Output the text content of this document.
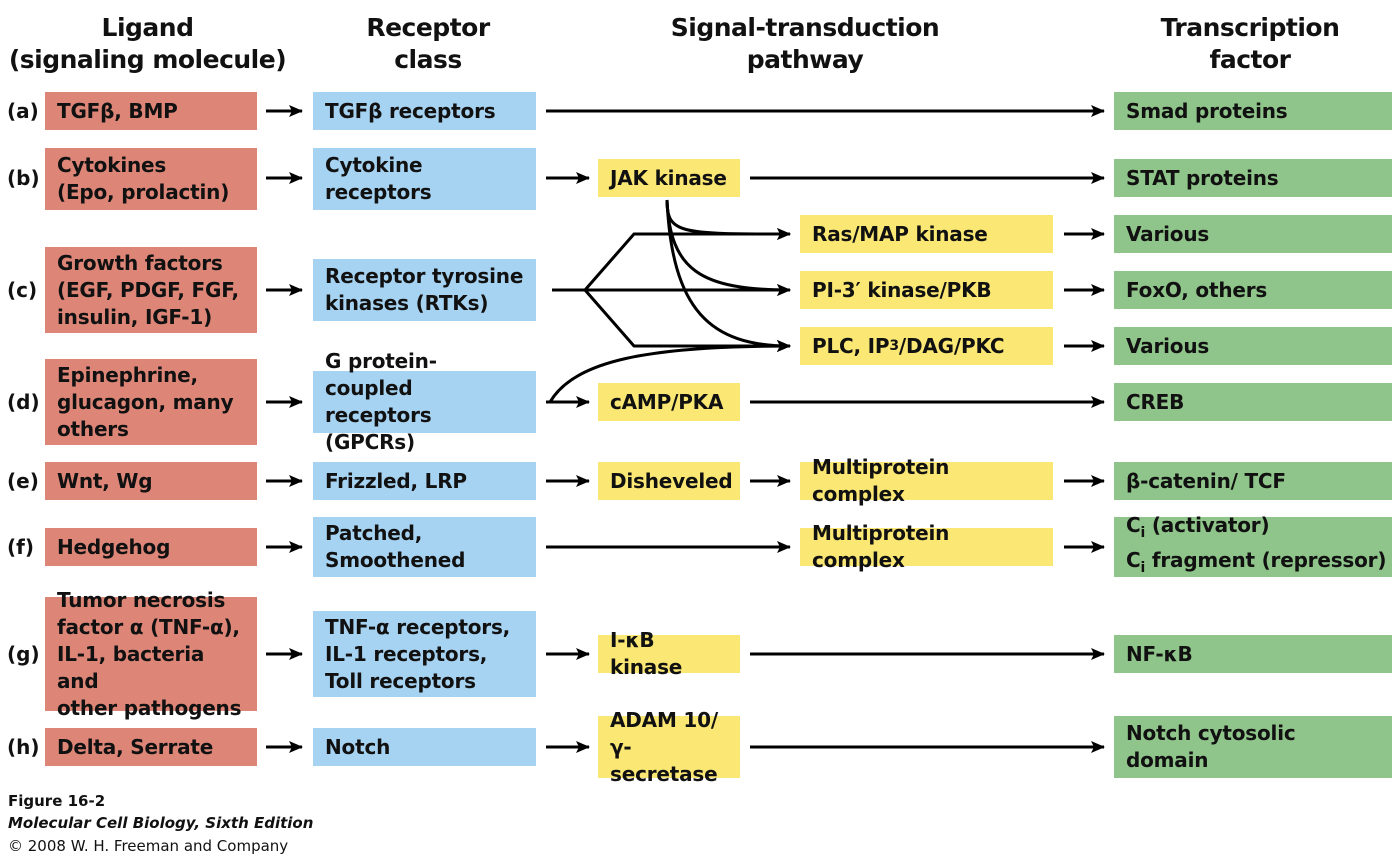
Ligand
(signaling molecule)
Receptor
class
Signal-transduction
pathway
Transcription
factor
(a)
(b)
(c)
(d)
(e)
(f)
(g)
(h)
TGFβ, BMP
Cytokines
(Epo, prolactin)
Growth factors
(EGF, PDGF, FGF,
insulin, IGF-1)
Epinephrine,
glucagon, many
others
Wnt, Wg
Hedgehog
Tumor necrosis
factor α (TNF-α),
IL-1, bacteria and
other pathogens
Delta, Serrate
TGFβ receptors
Cytokine
receptors
Receptor tyrosine
kinases (RTKs)
G protein-coupled
receptors (GPCRs)
Frizzled, LRP
Patched,
Smoothened
TNF-α receptors,
IL-1 receptors,
Toll receptors
Notch
JAK kinase
Ras/MAP kinase
PI-3′ kinase/PKB
PLC, IP 3 /DAG/PKC
cAMP/PKA
Disheveled
Multiprotein complex
Multiprotein complex
I-κB kinase
ADAM 10/
γ-secretase
Smad proteins
STAT proteins
Various
FoxO, others
Various
CREB
β-catenin/ TCF
$C_i$ (activator)
$C_i$ fragment (repressor)
NF-κB
Notch cytosolic
domain
Figure 16-2
Molecular Cell Biology, Sixth Edition
© 2008 W. H. Freeman and Company
